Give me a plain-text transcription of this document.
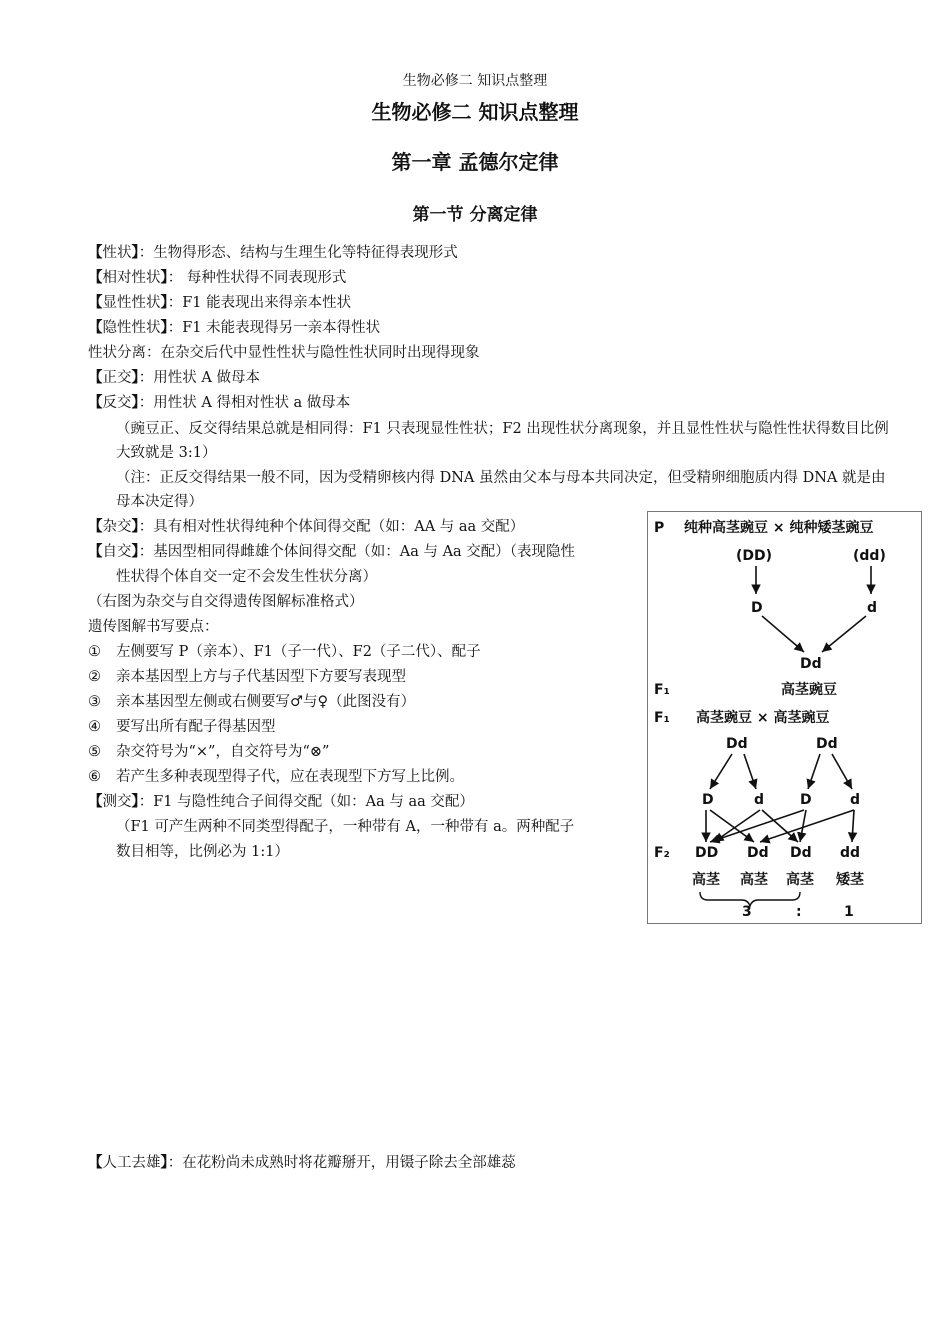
生物必修二 知识点整理
生物必修二 知识点整理
第一章 孟德尔定律
第一节 分离定律
【性状】：生物得形态、结构与生理生化等特征得表现形式
【相对性状】： 每种性状得不同表现形式
【显性性状】：F1 能表现出来得亲本性状
【隐性性状】：F1 未能表现得另一亲本得性状
性状分离：在杂交后代中显性性状与隐性性状同时出现得现象
【正交】：用性状 A 做母本
【反交】：用性状 A 得相对性状 a 做母本
（豌豆正、反交得结果总就是相同得：F1 只表现显性性状；F2 出现性状分离现象，并且显性性状与隐性性状得数目比例大致就是 3:1）
（注：正反交得结果一般不同，因为受精卵核内得 DNA 虽然由父本与母本共同决定，但受精卵细胞质内得 DNA 就是由母本决定得）
【杂交】：具有相对性状得纯种个体间得交配（如：AA 与 aa 交配）
【自交】：基因型相同得雌雄个体间得交配（如：Aa 与 Aa 交配）（表现隐性
性状得个体自交一定不会发生性状分离）
（右图为杂交与自交得遗传图解标准格式）
遗传图解书写要点：
① 左侧要写 P（亲本）、F1（子一代）、F2（子二代）、配子
② 亲本基因型上方与子代基因型下方要写表现型
③ 亲本基因型左侧或右侧要写♂与♀（此图没有）
④ 要写出所有配子得基因型
⑤ 杂交符号为“×”，自交符号为“⊗”
⑥ 若产生多种表现型得子代，应在表现型下方写上比例。
【测交】：F1 与隐性纯合子间得交配（如：Aa 与 aa 交配）
（F1 可产生两种不同类型得配子，一种带有 A，一种带有 a。两种配子
数目相等，比例必为 1:1）
【人工去雄】：在花粉尚未成熟时将花瓣掰开，用镊子除去全部雄蕊
P 纯种高茎豌豆 × 纯种矮茎豌豆
(DD)	(dd)
D	d
Dd
F₁	高茎豌豆
F₁ 高茎豌豆 × 高茎豌豆
Dd	Dd
D	d	D	d
F₂ DD Dd Dd dd
高茎 高茎 高茎 矮茎
3	:	1
